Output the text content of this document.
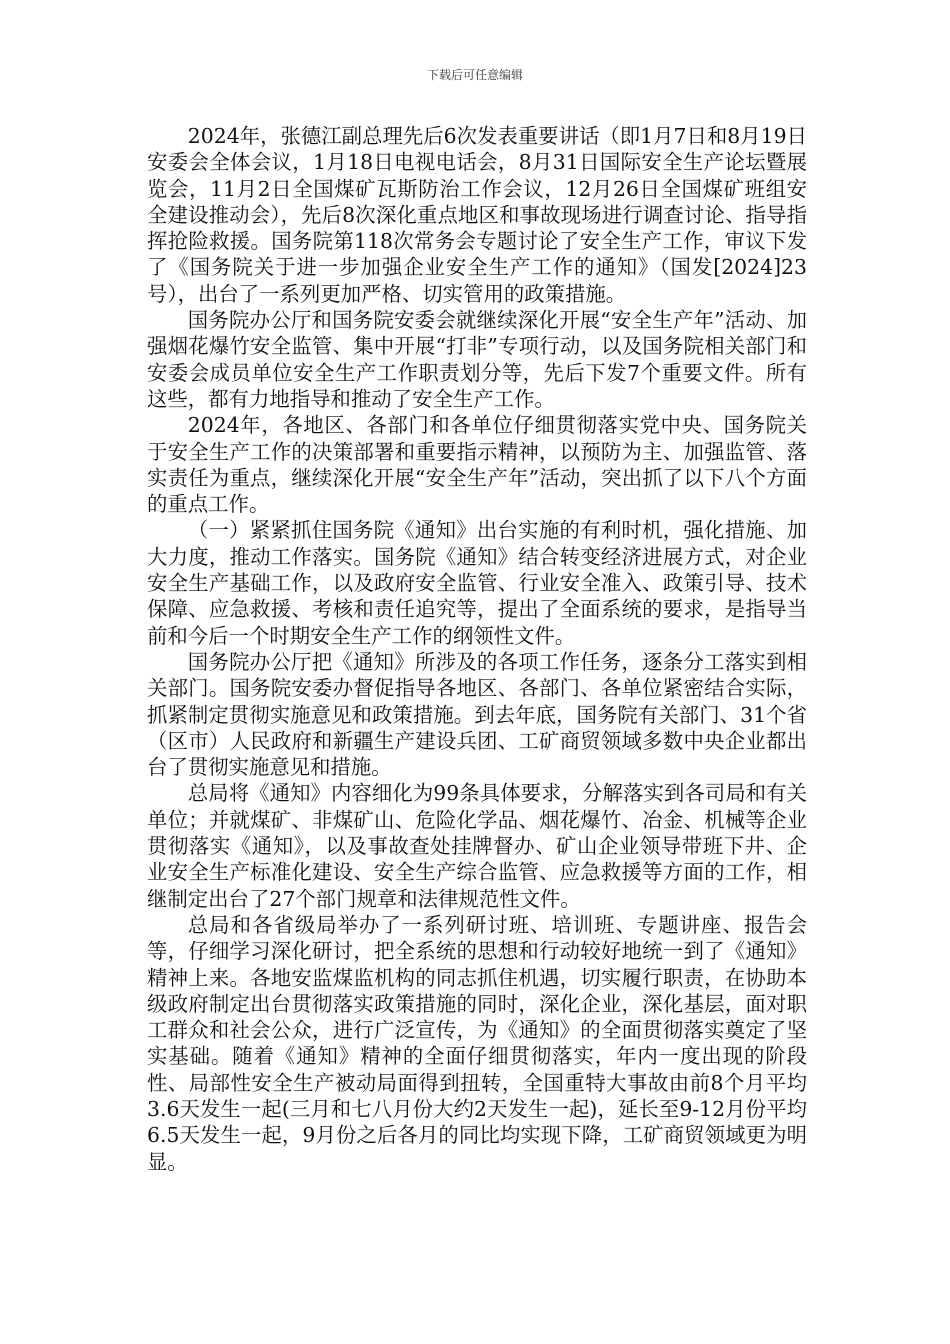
下载后可任意编辑

2024年，张德江副总理先后6次发表重要讲话（即1月7日和8月19日安委会全体会议，1月18日电视电话会，8月31日国际安全生产论坛暨展览会，11月2日全国煤矿瓦斯防治工作会议，12月26日全国煤矿班组安全建设推动会），先后8次深化重点地区和事故现场进行调查讨论、指导指挥抢险救援。国务院第118次常务会专题讨论了安全生产工作，审议下发了《国务院关于进一步加强企业安全生产工作的通知》（国发[2024]23号），出台了一系列更加严格、切实管用的政策措施。

国务院办公厅和国务院安委会就继续深化开展“安全生产年”活动、加强烟花爆竹安全监管、集中开展“打非”专项行动，以及国务院相关部门和安委会成员单位安全生产工作职责划分等，先后下发7个重要文件。所有这些，都有力地指导和推动了安全生产工作。

2024年，各地区、各部门和各单位仔细贯彻落实党中央、国务院关于安全生产工作的决策部署和重要指示精神，以预防为主、加强监管、落实责任为重点，继续深化开展“安全生产年”活动，突出抓了以下八个方面的重点工作。

（一）紧紧抓住国务院《通知》出台实施的有利时机，强化措施、加大力度，推动工作落实。国务院《通知》结合转变经济进展方式，对企业安全生产基础工作，以及政府安全监管、行业安全准入、政策引导、技术保障、应急救援、考核和责任追究等，提出了全面系统的要求，是指导当前和今后一个时期安全生产工作的纲领性文件。

国务院办公厅把《通知》所涉及的各项工作任务，逐条分工落实到相关部门。国务院安委办督促指导各地区、各部门、各单位紧密结合实际，抓紧制定贯彻实施意见和政策措施。到去年底，国务院有关部门、31个省（区市）人民政府和新疆生产建设兵团、工矿商贸领域多数中央企业都出台了贯彻实施意见和措施。

总局将《通知》内容细化为99条具体要求，分解落实到各司局和有关单位；并就煤矿、非煤矿山、危险化学品、烟花爆竹、冶金、机械等企业贯彻落实《通知》，以及事故查处挂牌督办、矿山企业领导带班下井、企业安全生产标准化建设、安全生产综合监管、应急救援等方面的工作，相继制定出台了27个部门规章和法律规范性文件。

总局和各省级局举办了一系列研讨班、培训班、专题讲座、报告会等，仔细学习深化研讨，把全系统的思想和行动较好地统一到了《通知》精神上来。各地安监煤监机构的同志抓住机遇，切实履行职责，在协助本级政府制定出台贯彻落实政策措施的同时，深化企业，深化基层，面对职工群众和社会公众，进行广泛宣传，为《通知》的全面贯彻落实奠定了坚实基础。随着《通知》精神的全面仔细贯彻落实，年内一度出现的阶段性、局部性安全生产被动局面得到扭转，全国重特大事故由前8个月平均3.6天发生一起(三月和七八月份大约2天发生一起)，延长至9-12月份平均6.5天发生一起，9月份之后各月的同比均实现下降，工矿商贸领域更为明显。
